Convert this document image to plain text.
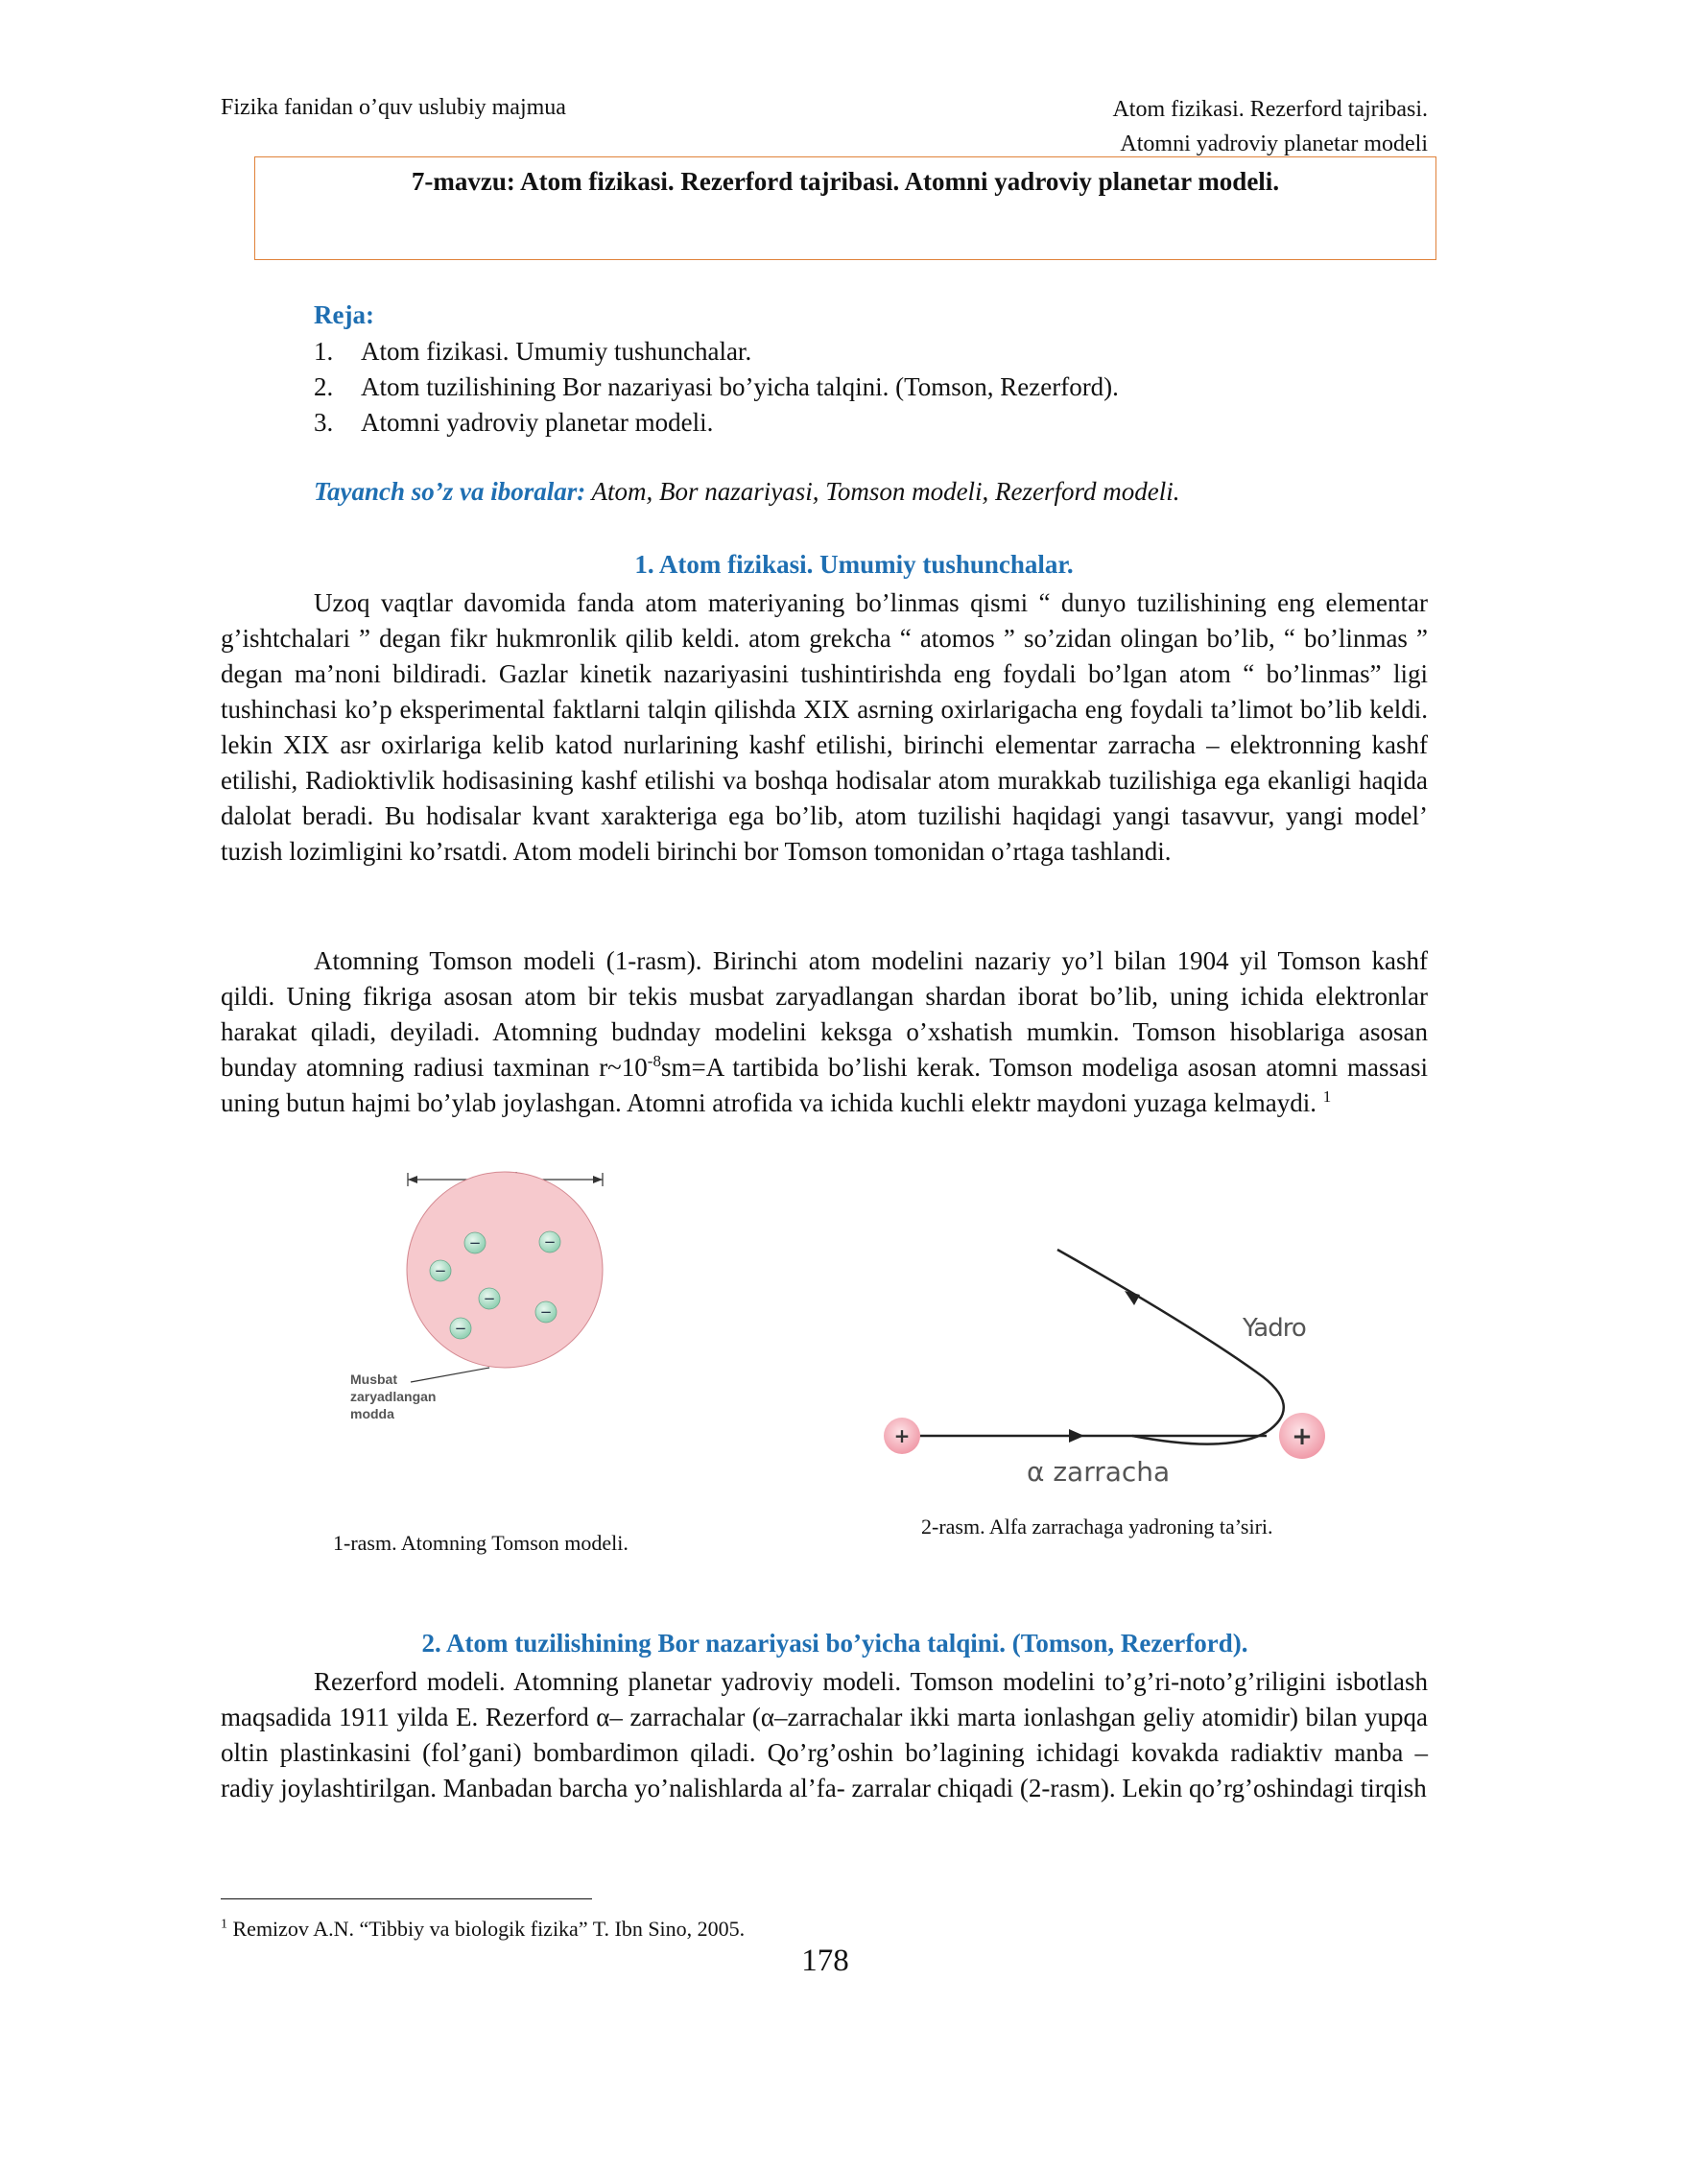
Fizika fanidan o’quv uslubiy majmua	Atom fizikasi. Rezerford tajribasi.
Atomni yadroviy planetar modeli
7-mavzu: Atom fizikasi. Rezerford tajribasi. Atomni yadroviy planetar modeli.
Reja:
1.	Atom fizikasi. Umumiy tushunchalar.
2.	Atom tuzilishining Bor nazariyasi bo’yicha talqini. (Tomson, Rezerford).
3.	Atomni yadroviy planetar modeli.
Tayanch so’z va iboralar: Atom, Bor nazariyasi, Tomson modeli, Rezerford modeli.
1. Atom fizikasi. Umumiy tushunchalar.

Uzoq vaqtlar davomida fanda atom materiyaning bo’linmas qismi “ dunyo tuzilishining eng elementar g’ishtchalari ” degan fikr hukmronlik qilib keldi. atom grekcha “ atomos ” so’zidan olingan bo’lib, “ bo’linmas ” degan ma’noni bildiradi. Gazlar kinetik nazariyasini tushintirishda eng foydali bo’lgan atom “ bo’linmas” ligi tushinchasi ko’p eksperimental faktlarni talqin qilishda XIX asrning oxirlarigacha eng foydali ta’limot bo’lib keldi. lekin XIX asr oxirlariga kelib katod nurlarining kashf etilishi, birinchi elementar zarracha – elektronning kashf etilishi, Radioktivlik hodisasining kashf etilishi va boshqa hodisalar atom murakkab tuzilishiga ega ekanligi haqida dalolat beradi. Bu hodisalar kvant xarakteriga ega bo’lib, atom tuzilishi haqidagi yangi tasavvur, yangi model’ tuzish lozimligini ko’rsatdi. Atom modeli birinchi bor Tomson tomonidan o’rtaga tashlandi.

Atomning Tomson modeli (1-rasm). Birinchi atom modelini nazariy yo’l bilan 1904 yil Tomson kashf qildi. Uning fikriga asosan atom bir tekis musbat zaryadlangan shardan iborat bo’lib, uning ichida elektronlar harakat qiladi, deyiladi. Atomning budnday modelini keksga o’xshatish mumkin. Tomson hisoblariga asosan bunday atomning radiusi taxminan $r\sim 10^{-8}sm=A$ tartibida bo’lishi kerak. Tomson modeliga asosan atomni massasi uning butun hajmi bo’ylab joylashgan. Atomni atrofida va ichida kuchli elektr maydoni yuzaga kelmaydi. $^1$

−	−
−
−
−
−
Musbat zaryadlangan modda
1-rasm. Atomning Tomson modeli.
+	+
Yadro
α zarracha
2-rasm. Alfa zarrachaga yadroning ta’siri.
2. Atom tuzilishining Bor nazariyasi bo’yicha talqini. (Tomson, Rezerford).

Rezerford modeli. Atomning planetar yadroviy modeli. Tomson modelini to’g’ri-noto’g’riligini isbotlash maqsadida 1911 yilda E. Rezerford α– zarrachalar (α–zarrachalar ikki marta ionlashgan geliy atomidir) bilan yupqa oltin plastinkasini (fol’gani) bombardimon qiladi. Qo’rg’oshin bo’lagining ichidagi kovakda radiaktiv manba – radiy joylashtirilgan. Manbadan barcha yo’nalishlarda al’fa- zarralar chiqadi (2-rasm). Lekin qo’rg’oshindagi tirqish

$^1$ Remizov A.N. “Tibbiy va biologik fizika” T. Ibn Sino, 2005.
178
